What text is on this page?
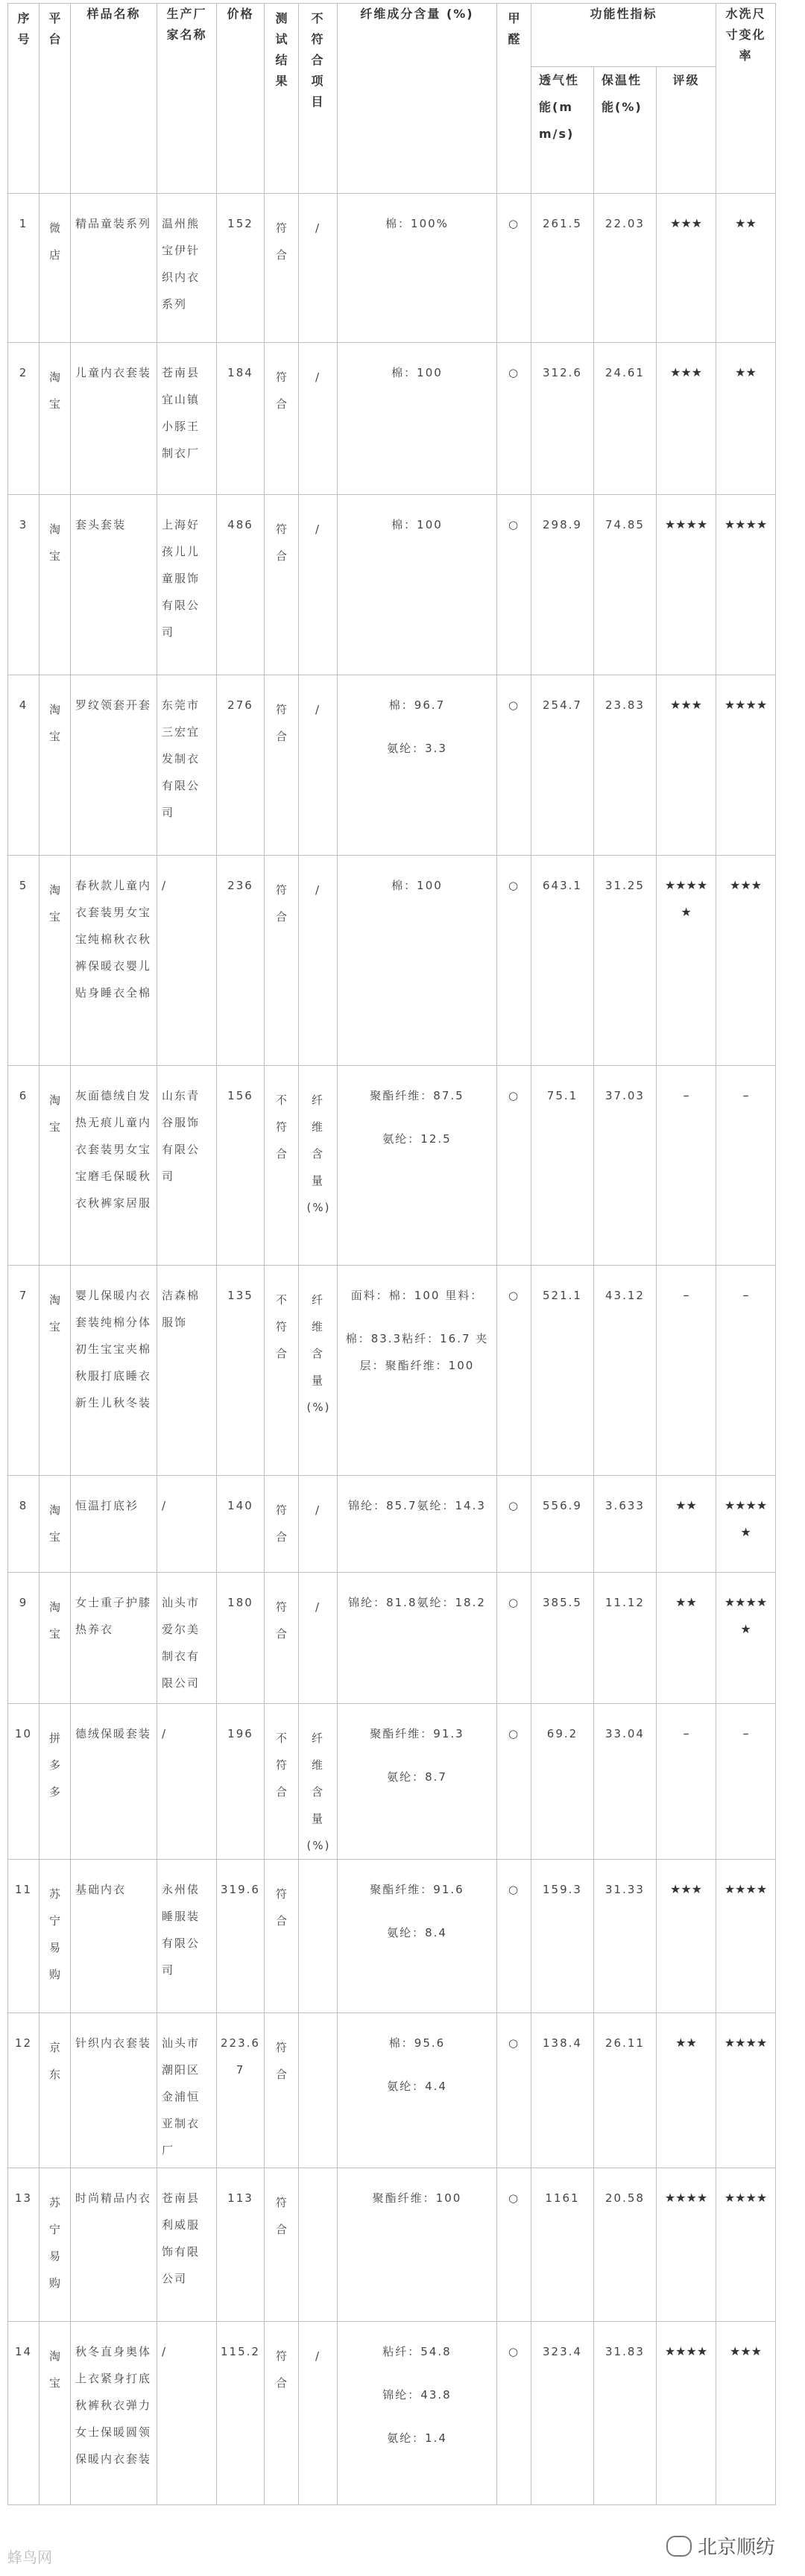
序号	平台	样品名称	生产厂家名称	价格	测试结果	不符合项目	纤维成分含量 (%)	甲醛	功能性指标			水洗尺寸变化率

									透气性能(mm/s)	保温性能(%)	评级	

1	微店	精品童装系列	温州熊宝伊针织内衣系列	152	符合	/	棉：100%	○	261.5	22.03	★★★	★★

2	淘宝	儿童内衣套装	苍南县宜山镇小豚王制衣厂	184	符合	/	棉：100	○	312.6	24.61	★★★	★★

3	淘宝	套头套装	上海好孩儿儿童服饰有限公司	486	符合	/	棉：100	○	298.9	74.85	★★★★	★★★★

4	淘宝	罗纹领套开套	东莞市三宏宜发制衣有限公司	276	符合	/	棉：96.7
氨纶：3.3	○	254.7	23.83	★★★	★★★★

5	淘宝	春秋款儿童内衣套装男女宝宝纯棉秋衣秋裤保暖衣婴儿贴身睡衣全棉	/	236	符合	/	棉：100	○	643.1	31.25	★★★★★	★★★

6	淘宝	灰面德绒自发热无痕儿童内衣套装男女宝宝磨毛保暖秋衣秋裤家居服	山东青谷服饰有限公司	156	不符合	纤维含量(%)	聚酯纤维：87.5
氨纶：12.5	○	75.1	37.03	–	–

7	淘宝	婴儿保暖内衣套装纯棉分体初生宝宝夹棉秋服打底睡衣新生儿秋冬装	洁森棉服饰	135	不符合	纤维含量(%)	面料：棉：100 里料：
棉：83.3粘纤：16.7 夹层：聚酯纤维：100	○	521.1	43.12	–	–

8	淘宝	恒温打底衫	/	140	符合	/	锦纶：85.7氨纶：14.3	○	556.9	3.633	★★	★★★★★

9	淘宝	女士重子护膝热养衣	汕头市爱尔美制衣有限公司	180	符合	/	锦纶：81.8氨纶：18.2	○	385.5	11.12	★★	★★★★★

10	拼多多	德绒保暖套装	/	196	不符合	纤维含量(%)	聚酯纤维：91.3
氨纶：8.7	○	69.2	33.04	–	–

11	苏宁易购	基础内衣	永州俵睡服装有限公司	319.6	符合		聚酯纤维：91.6
氨纶：8.4	○	159.3	31.33	★★★	★★★★

12	京东	针织内衣套装	汕头市潮阳区金浦恒亚制衣厂	223.67	符合		棉：95.6
氨纶：4.4	○	138.4	26.11	★★	★★★★

13	苏宁易购	时尚精品内衣	苍南县利威服饰有限公司	113	符合		聚酯纤维：100	○	1161	20.58	★★★★	★★★★

14	淘宝	秋冬直身奥体上衣紧身打底秋裤秋衣弹力女士保暖圆领保暖内衣套装	/	115.2	符合	/	粘纤：54.8
锦纶：43.8
氨纶：1.4	○	323.4	31.83	★★★★	★★★
蜂鸟网	北京顺纺
